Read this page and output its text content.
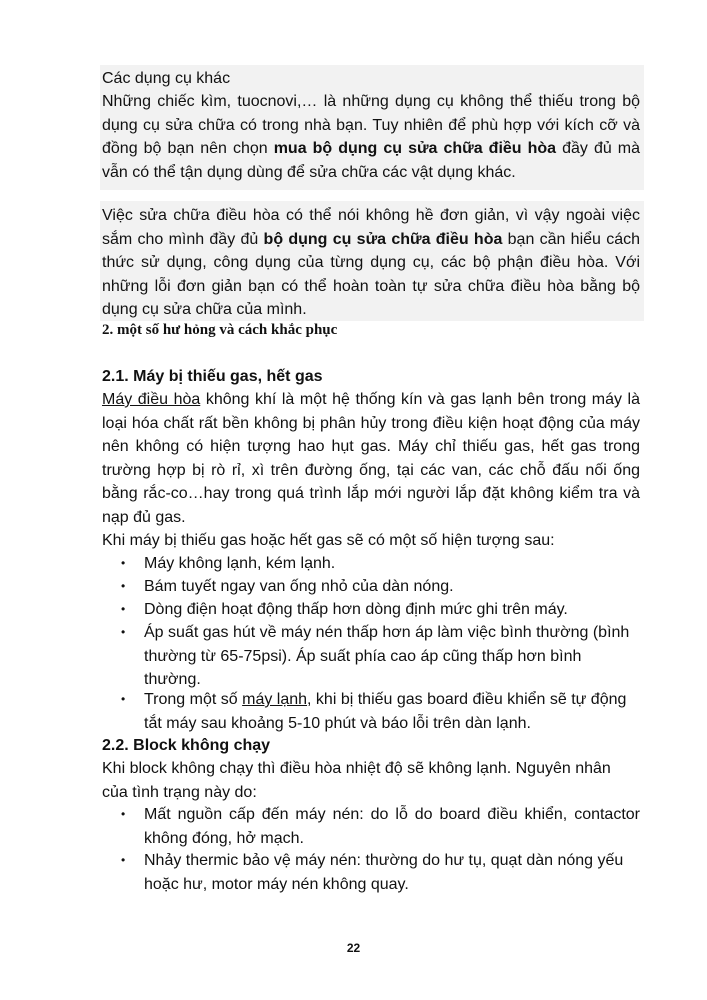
Các dụng cụ khác

Những chiếc kìm, tuocnovi,… là những dụng cụ không thể thiếu trong bộ dụng cụ sửa chữa có trong nhà bạn. Tuy nhiên để phù hợp với kích cỡ và đồng bộ bạn nên chọn mua bộ dụng cụ sửa chữa điều hòa đầy đủ mà vẫn có thể tận dụng dùng để sửa chữa các vật dụng khác.

Việc sửa chữa điều hòa có thể nói không hề đơn giản, vì vậy ngoài việc sắm cho mình đầy đủ bộ dụng cụ sửa chữa điều hòa bạn cần hiểu cách thức sử dụng, công dụng của từng dụng cụ, các bộ phận điều hòa. Với những lỗi đơn giản bạn có thể hoàn toàn tự sửa chữa điều hòa bằng bộ dụng cụ sửa chữa của mình.

2. một số hư hỏng và cách khắc phục

2.1. Máy bị thiếu gas, hết gas

Máy điều hòa không khí là một hệ thống kín và gas lạnh bên trong máy là loại hóa chất rất bền không bị phân hủy trong điều kiện hoạt động của máy nên không có hiện tượng hao hụt gas. Máy chỉ thiếu gas, hết gas trong trường hợp bị rò rỉ, xì trên đường ống, tại các van, các chỗ đấu nối ống bằng rắc-co…hay trong quá trình lắp mới người lắp đặt không kiểm tra và nạp đủ gas.

Khi máy bị thiếu gas hoặc hết gas sẽ có một số hiện tượng sau:

• Máy không lạnh, kém lạnh.

• Bám tuyết ngay van ống nhỏ của dàn nóng.

• Dòng điện hoạt động thấp hơn dòng định mức ghi trên máy.

• Áp suất gas hút về máy nén thấp hơn áp làm việc bình thường (bình thường từ 65-75psi). Áp suất phía cao áp cũng thấp hơn bình thường.

• Trong một số máy lạnh, khi bị thiếu gas board điều khiển sẽ tự động tắt máy sau khoảng 5-10 phút và báo lỗi trên dàn lạnh.

2.2. Block không chạy

Khi block không chạy thì điều hòa nhiệt độ sẽ không lạnh. Nguyên nhân của tình trạng này do:

• Mất nguồn cấp đến máy nén: do lỗ do board điều khiển, contactor không đóng, hở mạch.

• Nhảy thermic bảo vệ máy nén: thường do hư tụ, quạt dàn nóng yếu hoặc hư, motor máy nén không quay.

22
